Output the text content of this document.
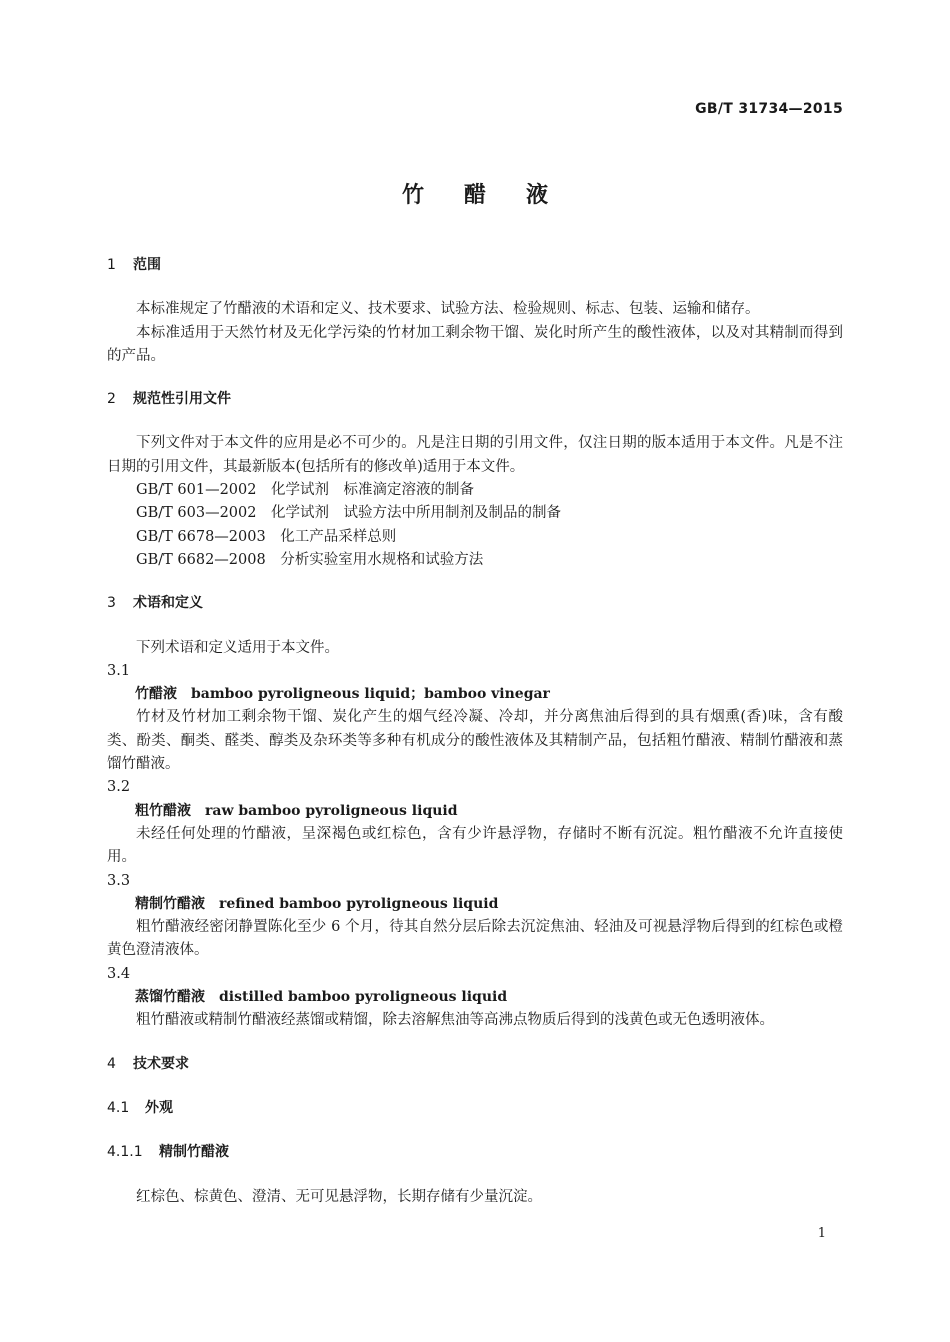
GB/T 31734—2015
竹醋液
1 范围

本标准规定了竹醋液的术语和定义、技术要求、试验方法、检验规则、标志、包装、运输和储存。

本标准适用于天然竹材及无化学污染的竹材加工剩余物干馏、炭化时所产生的酸性液体，以及对其精制而得到的产品。

2 规范性引用文件

下列文件对于本文件的应用是必不可少的。凡是注日期的引用文件，仅注日期的版本适用于本文件。凡是不注日期的引用文件，其最新版本(包括所有的修改单)适用于本文件。

GB/T 601—2002 化学试剂　标准滴定溶液的制备

GB/T 603—2002 化学试剂　试验方法中所用制剂及制品的制备

GB/T 6678—2003 化工产品采样总则

GB/T 6682—2008 分析实验室用水规格和试验方法

3 术语和定义

下列术语和定义适用于本文件。

3.1

竹醋液 bamboo pyroligneous liquid；bamboo vinegar

竹材及竹材加工剩余物干馏、炭化产生的烟气经冷凝、冷却，并分离焦油后得到的具有烟熏(香)味，含有酸类、酚类、酮类、醛类、醇类及杂环类等多种有机成分的酸性液体及其精制产品，包括粗竹醋液、精制竹醋液和蒸馏竹醋液。

3.2

粗竹醋液 raw bamboo pyroligneous liquid

未经任何处理的竹醋液，呈深褐色或红棕色，含有少许悬浮物，存储时不断有沉淀。粗竹醋液不允许直接使用。

3.3

精制竹醋液 refined bamboo pyroligneous liquid

粗竹醋液经密闭静置陈化至少 6 个月，待其自然分层后除去沉淀焦油、轻油及可视悬浮物后得到的红棕色或橙黄色澄清液体。

3.4

蒸馏竹醋液 distilled bamboo pyroligneous liquid

粗竹醋液或精制竹醋液经蒸馏或精馏，除去溶解焦油等高沸点物质后得到的浅黄色或无色透明液体。

4 技术要求
4.1 外观
4.1.1 精制竹醋液

红棕色、棕黄色、澄清、无可见悬浮物，长期存储有少量沉淀。

1
